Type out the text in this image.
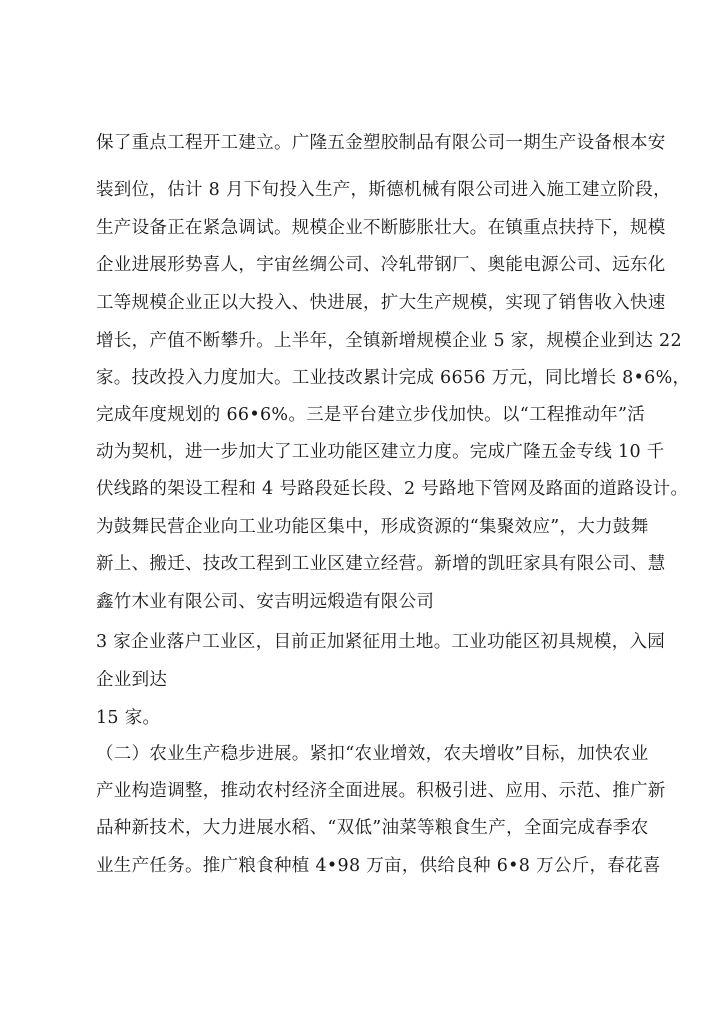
保了重点工程开工建立。广隆五金塑胶制品有限公司一期生产设备根本安
装到位，估计 8 月下旬投入生产，斯德机械有限公司进入施工建立阶段，
生产设备正在紧急调试。规模企业不断膨胀壮大。在镇重点扶持下，规模
企业进展形势喜人，宇宙丝绸公司、冷轧带钢厂、奥能电源公司、远东化
工等规模企业正以大投入、快进展，扩大生产规模，实现了销售收入快速
增长，产值不断攀升。上半年，全镇新增规模企业 5 家，规模企业到达 22
家。技改投入力度加大。工业技改累计完成 6656 万元，同比增长 8•6%，
完成年度规划的 66•6%。三是平台建立步伐加快。以“工程推动年”活
动为契机，进一步加大了工业功能区建立力度。完成广隆五金专线 10 千
伏线路的架设工程和 4 号路段延长段、2 号路地下管网及路面的道路设计。
为鼓舞民营企业向工业功能区集中，形成资源的“集聚效应”，大力鼓舞
新上、搬迁、技改工程到工业区建立经营。新增的凯旺家具有限公司、慧
鑫竹木业有限公司、安吉明远煅造有限公司
3 家企业落户工业区，目前正加紧征用土地。工业功能区初具规模，入园
企业到达
15 家。
（二）农业生产稳步进展。紧扣“农业增效，农夫增收”目标，加快农业
产业构造调整，推动农村经济全面进展。积极引进、应用、示范、推广新
品种新技术，大力进展水稻、“双低”油菜等粮食生产，全面完成春季农
业生产任务。推广粮食种植 4•98 万亩，供给良种 6•8 万公斤，春花喜
